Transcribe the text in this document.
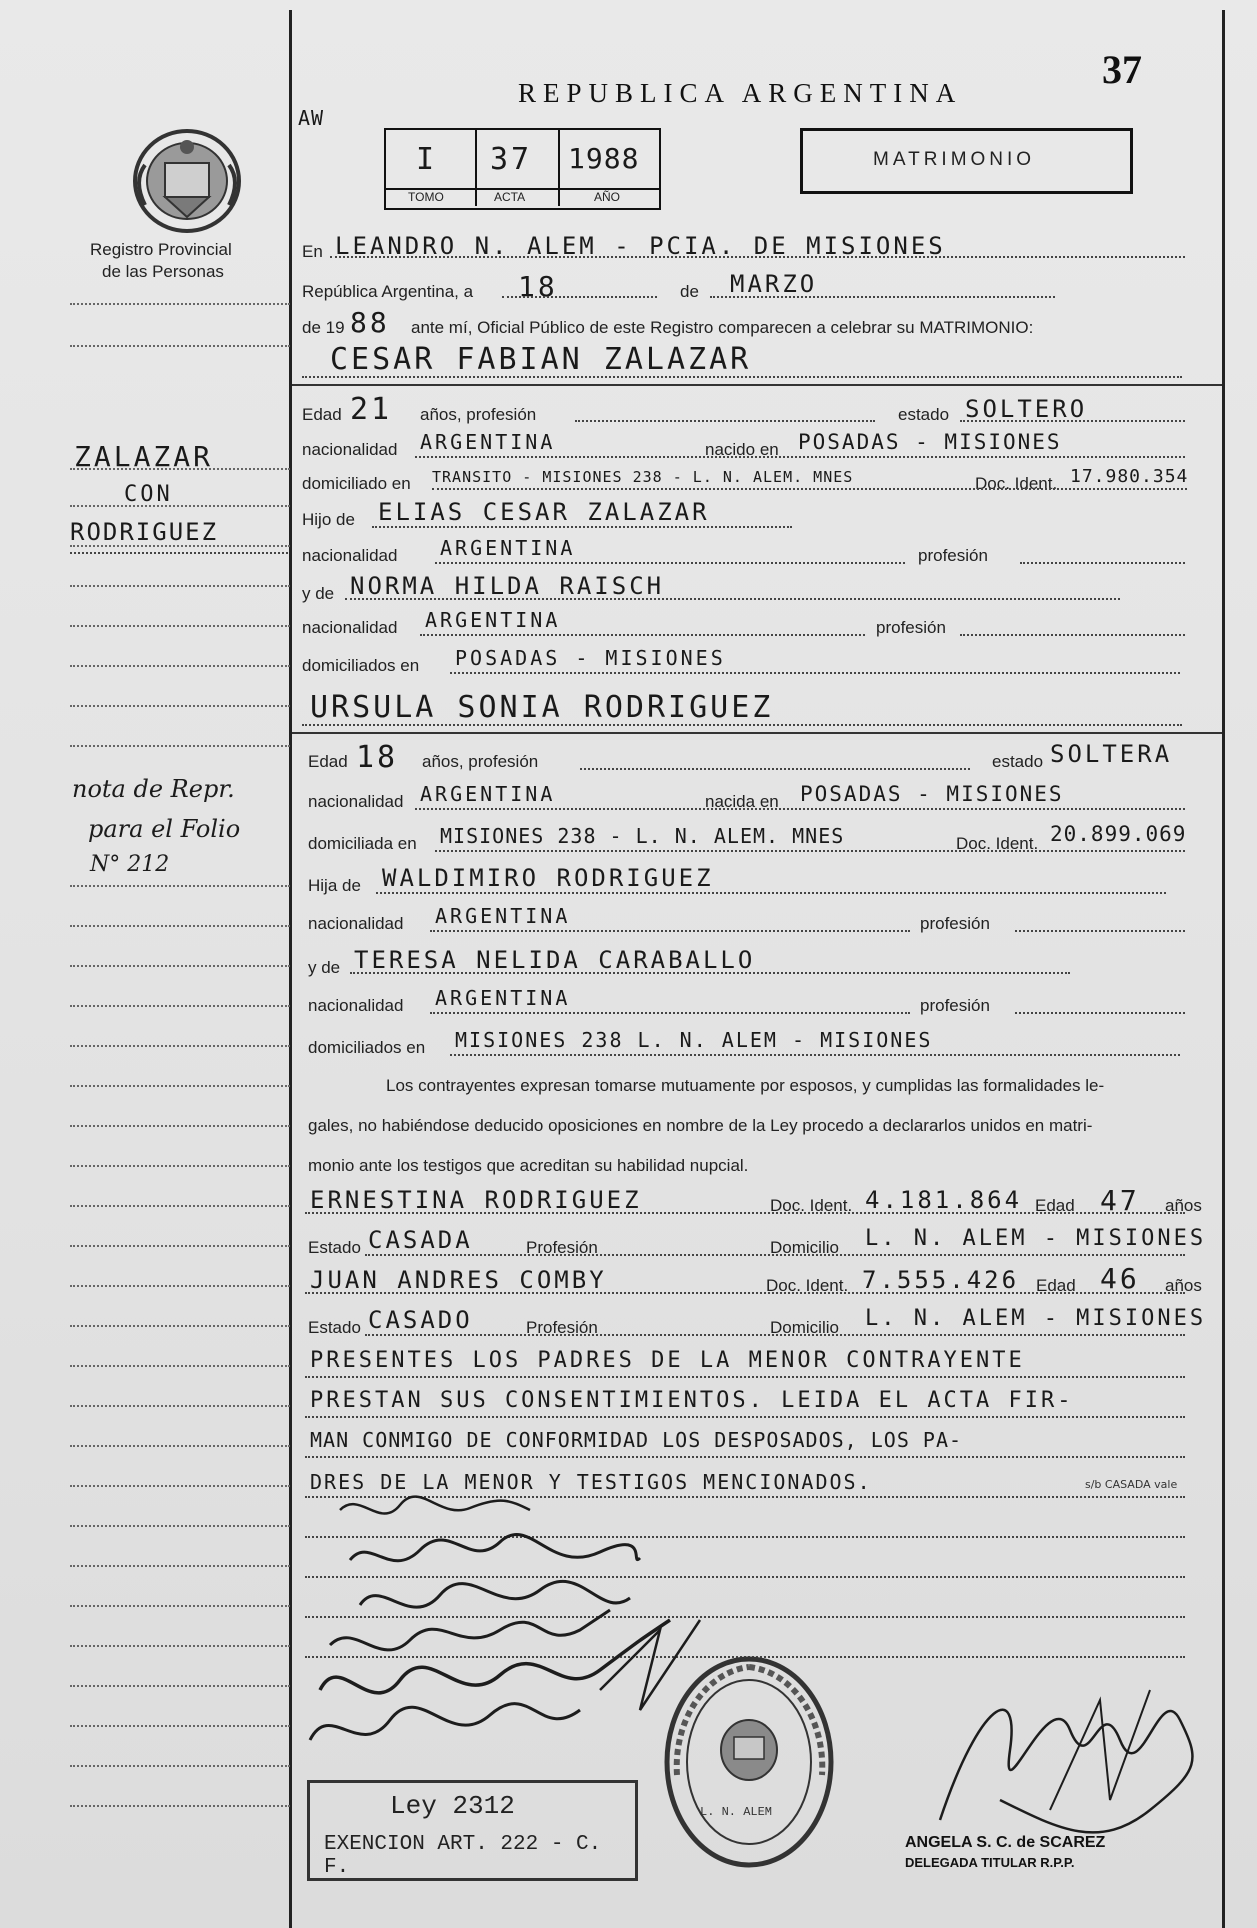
37
REPUBLICA ARGENTINA
AW
I 37 1988
TOMO	ACTA	AÑO
MATRIMONIO
Registro Provincial
de las Personas
ZALAZAR
CON
RODRIGUEZ
nota de Repr.
para el Folio
N° 212
En LEANDRO N. ALEM - PCIA. DE MISIONES
República Argentina, a 18	de MARZO
de 19 88 ante mí, Oficial Público de este Registro comparecen a celebrar su MATRIMONIO:
CESAR FABIAN ZALAZAR
Edad 21 años, profesión	estado SOLTERO
nacionalidad ARGENTINA	nacido en POSADAS - MISIONES
domiciliado en TRANSITO - MISIONES 238 - L. N. ALEM. MNES	Doc. Ident. 17.980.354
Hijo de ELIAS CESAR ZALAZAR
nacionalidad ARGENTINA	profesión
y de NORMA HILDA RAISCH
nacionalidad ARGENTINA	profesión
domiciliados en POSADAS - MISIONES
URSULA SONIA RODRIGUEZ
Edad 18 años, profesión	estado SOLTERA
nacionalidad ARGENTINA	nacida en POSADAS - MISIONES
domiciliada en MISIONES 238 - L. N. ALEM. MNES	Doc. Ident. 20.899.069
Hija de WALDIMIRO RODRIGUEZ
nacionalidad ARGENTINA	profesión
y de TERESA NELIDA CARABALLO
nacionalidad ARGENTINA	profesión
domiciliados en MISIONES 238 L. N. ALEM - MISIONES
Los contrayentes expresan tomarse mutuamente por esposos, y cumplidas las formalidades le-
gales, no habiéndose deducido oposiciones en nombre de la Ley procedo a declararlos unidos en matri-
monio ante los testigos que acreditan su habilidad nupcial.
ERNESTINA RODRIGUEZ	Doc. Ident. 4.181.864 Edad 47 años
Estado CASADA	Profesión	Domicilio L. N. ALEM - MISIONES
JUAN ANDRES COMBY	Doc. Ident. 7.555.426 Edad 46 años
Estado CASADO	Profesión	Domicilio L. N. ALEM - MISIONES
PRESENTES LOS PADRES DE LA MENOR CONTRAYENTE
PRESTAN SUS CONSENTIMIENTOS. LEIDA EL ACTA FIR-
MAN CONMIGO DE CONFORMIDAD LOS DESPOSADOS, LOS PA-
DRES DE LA MENOR Y TESTIGOS MENCIONADOS.	s/b CASADA vale
L. N. ALEM
ANGELA S. C. de SCAREZ
DELEGADA TITULAR R.P.P.
Ley 2312
EXENCION ART. 222 - C. F.
